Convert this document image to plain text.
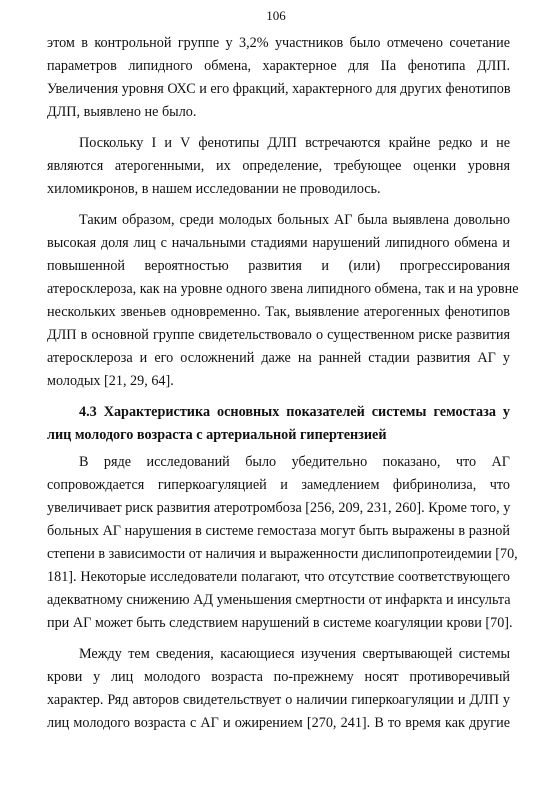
106
этом в контрольной группе у 3,2% участников было отмечено сочетание
параметров липидного обмена, характерное для IIa фенотипа ДЛП.
Увеличения уровня ОХС и его фракций, характерного для других фенотипов
ДЛП, выявлено не было.
Поскольку I и V фенотипы ДЛП встречаются крайне редко и не
являются атерогенными, их определение, требующее оценки уровня
хиломикронов, в нашем исследовании не проводилось.
Таким образом, среди молодых больных АГ была выявлена довольно
высокая доля лиц с начальными стадиями нарушений липидного обмена и
повышенной вероятностью развития и (или) прогрессирования
атеросклероза, как на уровне одного звена липидного обмена, так и на уровне
нескольких звеньев одновременно. Так, выявление атерогенных фенотипов
ДЛП в основной группе свидетельствовало о существенном риске развития
атеросклероза и его осложнений даже на ранней стадии развития АГ у
молодых [21, 29, 64].
4.3 Характеристика основных показателей системы гемостаза у
лиц молодого возраста с артериальной гипертензией
В ряде исследований было убедительно показано, что АГ
сопровождается гиперкоагуляцией и замедлением фибринолиза, что
увеличивает риск развития атеротромбоза [256, 209, 231, 260]. Кроме того, у
больных АГ нарушения в системе гемостаза могут быть выражены в разной
степени в зависимости от наличия и выраженности дислипопротеидемии [70,
181]. Некоторые исследователи полагают, что отсутствие соответствующего
адекватному снижению АД уменьшения смертности от инфаркта и инсульта
при АГ может быть следствием нарушений в системе коагуляции крови [70].
Между тем сведения, касающиеся изучения свертывающей системы
крови у лиц молодого возраста по-прежнему носят противоречивый
характер. Ряд авторов свидетельствует о наличии гиперкоагуляции и ДЛП у
лиц молодого возраста с АГ и ожирением [270, 241]. В то время как другие
